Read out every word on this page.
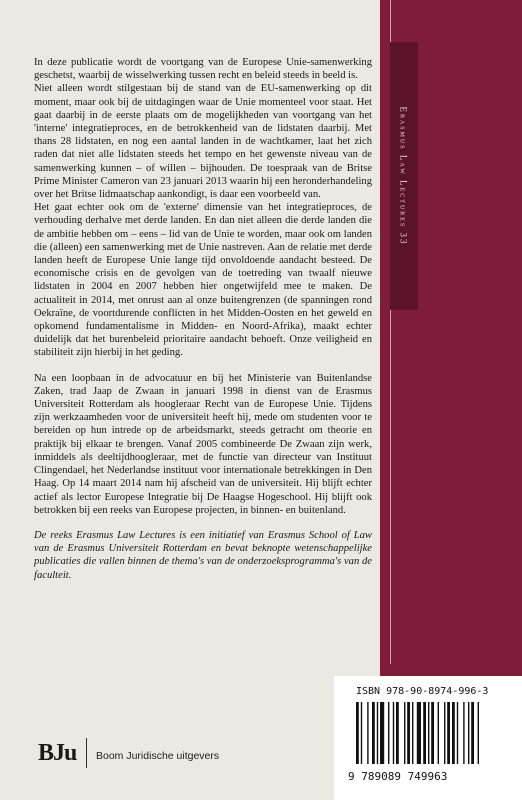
Erasmus Law Lectures 33

In deze publicatie wordt de voortgang van de Europese Unie-samenwerking geschetst, waarbij de wisselwerking tussen recht en beleid steeds in beeld is.

Niet alleen wordt stilgestaan bij de stand van de EU-samenwerking op dit moment, maar ook bij de uitdagingen waar de Unie momenteel voor staat. Het gaat daarbij in de eerste plaats om de mogelijkheden van voortgang van het 'interne' integratieproces, en de betrokkenheid van de lidstaten daarbij. Met thans 28 lidstaten, en nog een aantal landen in de wachtkamer, laat het zich raden dat niet alle lidstaten steeds het tempo en het gewenste niveau van de samenwerking kunnen – of willen – bijhouden. De toespraak van de Britse Prime Minister Cameron van 23 januari 2013 waarin hij een heronderhandeling over het Britse lidmaatschap aankondigt, is daar een voorbeeld van.

Het gaat echter ook om de 'externe' dimensie van het integratieproces, de verhouding derhalve met derde landen. En dan niet alleen die derde landen die de ambitie hebben om – eens – lid van de Unie te worden, maar ook om landen die (alleen) een samenwerking met de Unie nastreven. Aan de relatie met derde landen heeft de Europese Unie lange tijd onvoldoende aandacht besteed. De economische crisis en de gevolgen van de toetreding van twaalf nieuwe lidstaten in 2004 en 2007 hebben hier ongetwijfeld mee te maken. De actualiteit in 2014, met onrust aan al onze buitengrenzen (de spanningen rond Oekraïne, de voortdurende conflicten in het Midden-Oosten en het geweld en opkomend fundamentalisme in Midden- en Noord-Afrika), maakt echter duidelijk dat het burenbeleid prioritaire aandacht behoeft. Onze veiligheid en stabiliteit zijn hierbij in het geding.

Na een loopbaan in de advocatuur en bij het Ministerie van Buitenlandse Zaken, trad Jaap de Zwaan in januari 1998 in dienst van de Erasmus Universiteit Rotterdam als hoogleraar Recht van de Europese Unie. Tijdens zijn werkzaamheden voor de universiteit heeft hij, mede om studenten voor te bereiden op hun intrede op de arbeidsmarkt, steeds getracht om theorie en praktijk bij elkaar te brengen. Vanaf 2005 combineerde De Zwaan zijn werk, inmiddels als deeltijdhoogleraar, met de functie van directeur van Instituut Clingendael, het Nederlandse instituut voor internationale betrekkingen in Den Haag. Op 14 maart 2014 nam hij afscheid van de universiteit. Hij blijft echter actief als lector Europese Integratie bij De Haagse Hogeschool. Hij blijft ook betrokken bij een reeks van Europese projecten, in binnen- en buitenland.

De reeks Erasmus Law Lectures is een initiatief van Erasmus School of Law van de Erasmus Universiteit Rotterdam en bevat beknopte wetenschappelijke publicaties die vallen binnen de thema's van de onderzoeksprogramma's van de faculteit.

ISBN 978-90-8974-996-3
9 789089 749963
BJu Boom Juridische uitgevers
